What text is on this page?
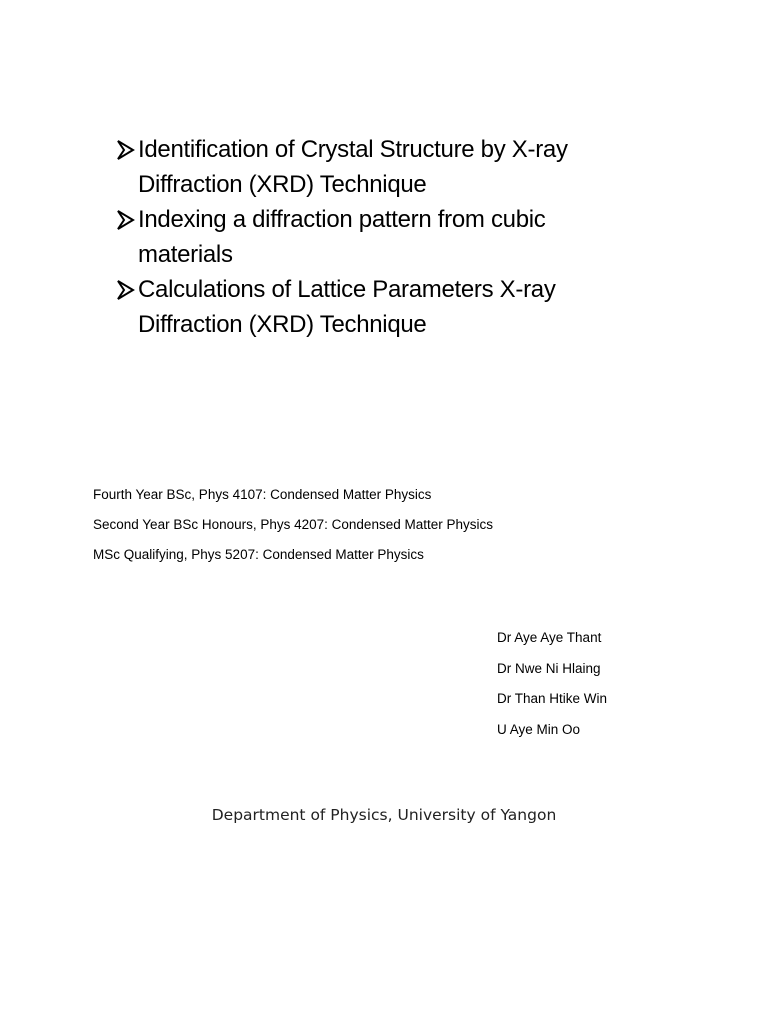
Identification of Crystal Structure by X-ray
Diffraction (XRD) Technique
Indexing a diffraction pattern from cubic
materials
Calculations of Lattice Parameters X-ray
Diffraction (XRD) Technique

Fourth Year BSc, Phys 4107: Condensed Matter Physics

Second Year BSc Honours, Phys 4207: Condensed Matter Physics

MSc Qualifying, Phys 5207: Condensed Matter Physics

Dr Aye Aye Thant

Dr Nwe Ni Hlaing

Dr Than Htike Win

U Aye Min Oo

Department of Physics, University of Yangon
